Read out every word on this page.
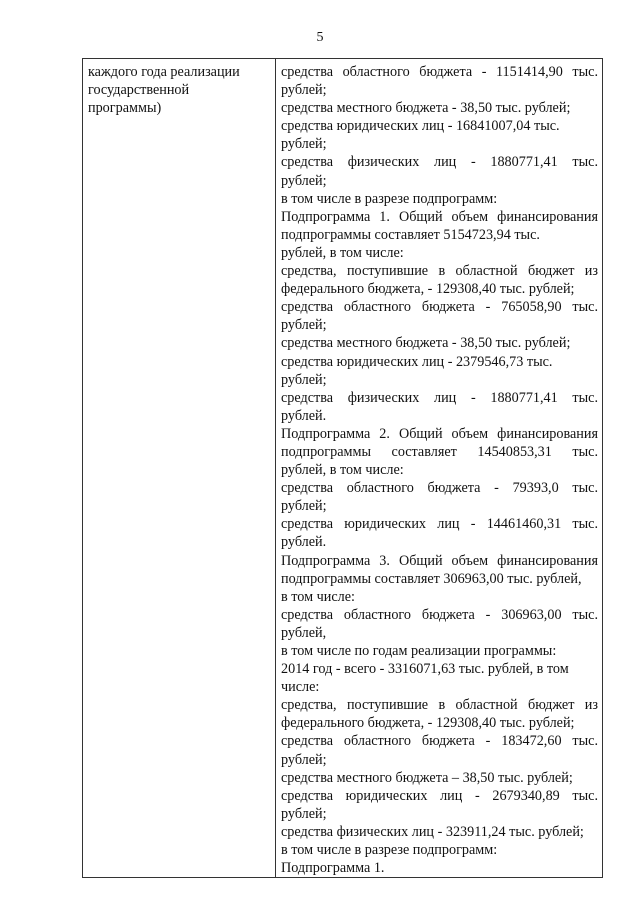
5
каждого года реализации
государственной
программы)

средства областного бюджета - 1151414,90 тыс.
рублей;
средства местного бюджета - 38,50 тыс. рублей;
средства юридических лиц - 16841007,04 тыс.
рублей;
средства физических лиц - 1880771,41 тыс.
рублей;
в том числе в разрезе подпрограмм:
Подпрограмма 1. Общий объем финансирования
подпрограммы составляет 5154723,94 тыс.
рублей, в том числе:
средства, поступившие в областной бюджет из
федерального бюджета, - 129308,40 тыс. рублей;
средства областного бюджета - 765058,90 тыс.
рублей;
средства местного бюджета - 38,50 тыс. рублей;
средства юридических лиц - 2379546,73 тыс.
рублей;
средства физических лиц - 1880771,41 тыс.
рублей.
Подпрограмма 2. Общий объем финансирования
подпрограммы составляет 14540853,31 тыс.
рублей, в том числе:
средства областного бюджета - 79393,0 тыс.
рублей;
средства юридических лиц - 14461460,31 тыс.
рублей.
Подпрограмма 3. Общий объем финансирования
подпрограммы составляет 306963,00 тыс. рублей,
в том числе:
средства областного бюджета - 306963,00 тыс.
рублей,
в том числе по годам реализации программы:
2014 год - всего - 3316071,63 тыс. рублей, в том
числе:
средства, поступившие в областной бюджет из
федерального бюджета, - 129308,40 тыс. рублей;
средства областного бюджета - 183472,60 тыс.
рублей;
средства местного бюджета – 38,50 тыс. рублей;
средства юридических лиц - 2679340,89 тыс.
рублей;
средства физических лиц - 323911,24 тыс. рублей;
в том числе в разрезе подпрограмм:
Подпрограмма 1.
